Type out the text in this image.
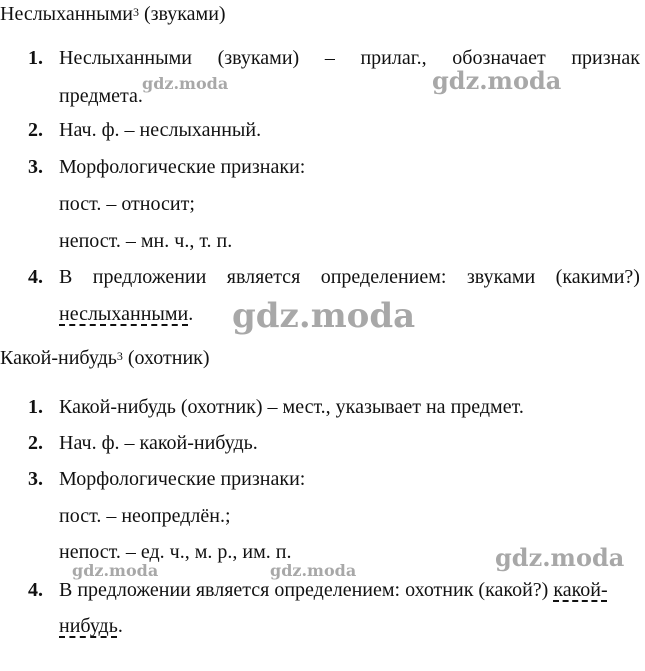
Неслыханными$^3$ (звуками)
1. Неслыханными (звуками) – прилаг., обозначает признак
предмета.
2. Нач. ф. – неслыханный.
3. Морфологические признаки:
пост. – относит;
непост. – мн. ч., т. п.
4. В предложении является определением: звуками (какими?)
неслыханными.
Какой-нибудь$^3$ (охотник)
1. Какой-нибудь (охотник) – мест., указывает на предмет.
2. Нач. ф. – какой-нибудь.
3. Морфологические признаки:
пост. – неопредлён.;
непост. – ед. ч., м. р., им. п.
4. В предложении является определением: охотник (какой?) какой-
нибудь.
gdz.moda	gdz.moda
gdz.moda
gdz.moda
gdz.moda	gdz.moda
